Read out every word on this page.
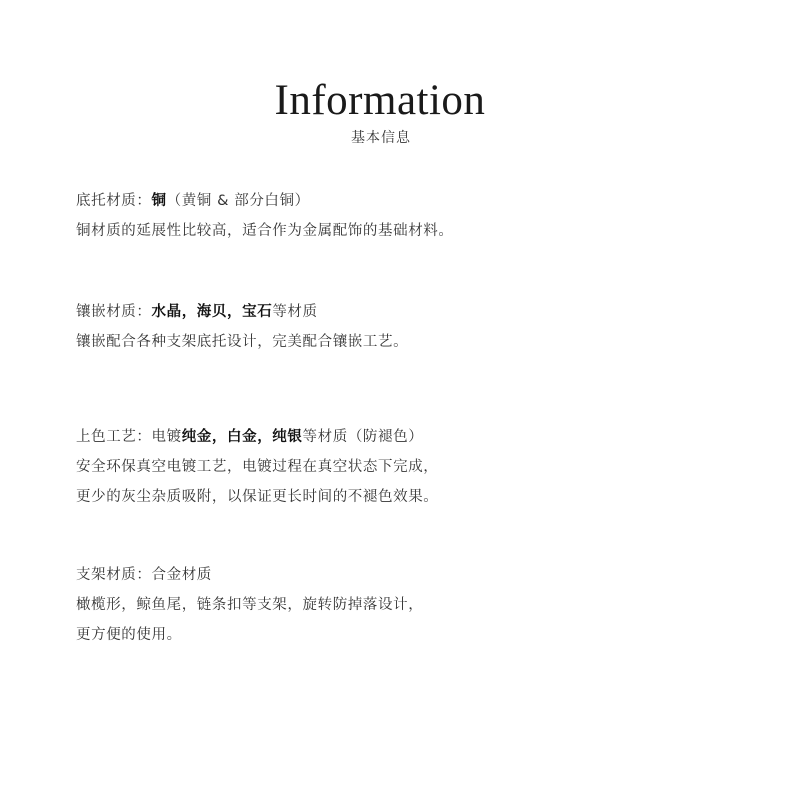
Information
基本信息
底托材质：铜（黄铜 & 部分白铜）
铜材质的延展性比较高，适合作为金属配饰的基础材料。
镶嵌材质：水晶，海贝，宝石等材质
镶嵌配合各种支架底托设计，完美配合镶嵌工艺。
上色工艺：电镀纯金，白金，纯银等材质（防褪色）
安全环保真空电镀工艺，电镀过程在真空状态下完成，
更少的灰尘杂质吸附，以保证更长时间的不褪色效果。
支架材质：合金材质
橄榄形，鲸鱼尾，链条扣等支架，旋转防掉落设计，
更方便的使用。
